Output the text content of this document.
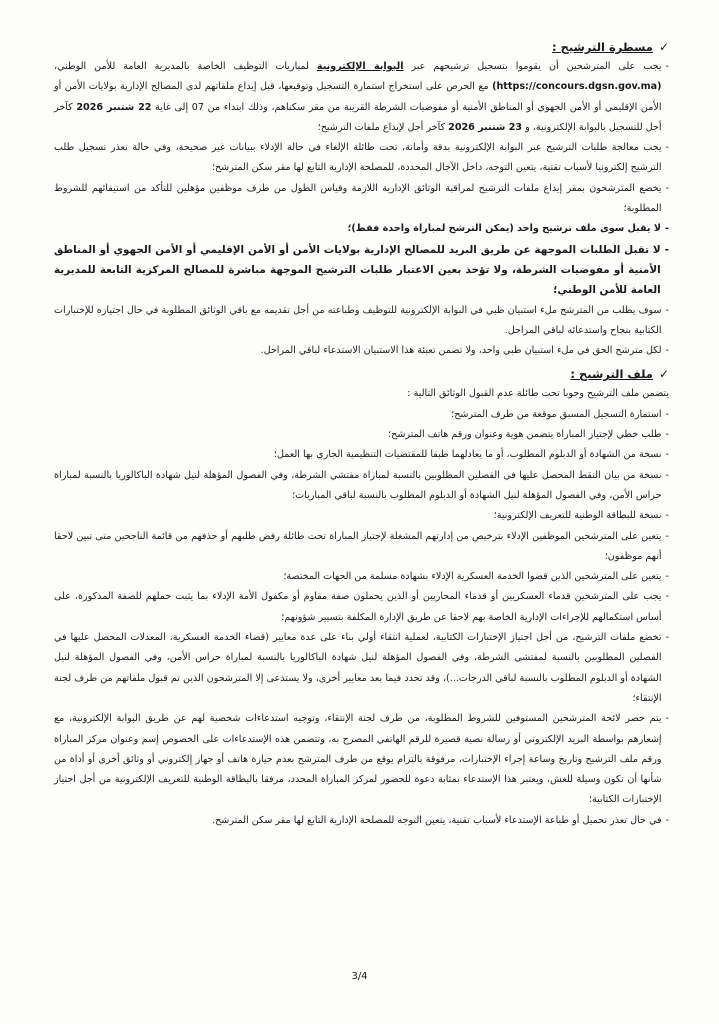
✓
مسطرة الترشيح :
-
يجب على المترشحين أن يقوموا بتسجيل ترشيحهم عبر البوابة الإلكترونية لمباريات التوظيف الخاصة بالمديرية العامة للأمن الوطني، (https://concours.dgsn.gov.ma) مع الحرص على استخراج استمارة التسجيل وتوقيعها، قبل إيداع ملفاتهم لدى المصالح الإدارية بولايات الأمن أو الأمن الإقليمي أو الأمن الجهوي أو المناطق الأمنية أو مفوضيات الشرطة القريبة من مقر سكناهم، وذلك ابتداء من 07 إلى غاية 22 شتنبر 2026 كآخر أجل للتسجيل بالبوابة الإلكترونية، و 23 شتنبر 2026 كآخر أجل لإيداع ملفات الترشيح؛
-
يجب معالجة طلبات الترشيح عبر البوابة الإلكترونية بدقة وأمانة، تحت طائلة الإلغاء في حالة الإدلاء ببيانات غير صحيحة، وفي حالة تعذر تسجيل طلب الترشيح إلكترونيا لأسباب تقنية، يتعين التوجه، داخل الآجال المحددة، للمصلحة الإدارية التابع لها مقر سكن المترشح؛
-
يخضع المترشحون بمقر إيداع ملفات الترشيح لمراقبة الوثائق الإدارية اللازمة وقياس الطول من طرف موظفين مؤهلين للتأكد من استيفائهم للشروط المطلوبة؛
-
لا يقبل سوى ملف ترشيح واحد (يمكن الترشح لمباراة واحدة فقط)؛
-
لا تقبل الطلبات الموجهة عن طريق البريد للمصالح الإدارية بولايات الأمن أو الأمن الإقليمي أو الأمن الجهوي أو المناطق الأمنية أو مفوضيات الشرطة، ولا تؤخذ بعين الاعتبار طلبات الترشيح الموجهة مباشرة للمصالح المركزية التابعة للمديرية العامة للأمن الوطني؛
-
سوف يطلب من المترشح ملء استبيان طبي في البوابة الإلكترونية للتوظيف وطباعته من أجل تقديمه مع باقي الوثائق المطلوبة في حال اجتيازه للإختبارات الكتابية بنجاح واستدعائه لباقي المراحل.
-
لكل مترشح الحق في ملء استبيان طبي واحد، ولا تضمن تعبئة هذا الاستبيان الاستدعاء لباقي المراحل.
✓
ملف الترشيح :

يتضمن ملف الترشيح وجوبا تحت طائلة عدم القبول الوثائق التالية :

-
استمارة التسجيل المسبق موقعة من طرف المترشح؛
-
طلب خطي لإجتياز المباراة يتضمن هوية وعنوان ورقم هاتف المترشح؛
-
نسخة من الشهادة أو الدبلوم المطلوب، أو ما يعادلهما طبقا للمقتضيات التنظيمية الجاري بها العمل؛
-
نسخة من بيان النقط المحصل عليها في الفصلين المطلوبين بالنسبة لمباراة مفتشي الشرطة، وفي الفصول المؤهلة لنيل شهادة الباكالوريا بالنسبة لمباراة حراس الأمن، وفي الفصول المؤهلة لنيل الشهادة أو الدبلوم المطلوب بالنسبة لباقي المباريات؛
-
نسخة للبطاقة الوطنية للتعريف الإلكترونية؛
-
يتعين على المترشحين الموظفين الإدلاء بترخيص من إدارتهم المشغلة لإجتياز المباراة تحت طائلة رفض طلبهم أو حذفهم من قائمة الناجحين متى تبين لاحقا أنهم موظفون؛
-
يتعين على المترشحين الذين قضوا الخدمة العسكرية الإدلاء بشهادة مسلمة من الجهات المختصة؛
-
يجب على المترشحين قدماء العسكريين أو قدماء المحاربين أو الذين يحملون صفة مقاوم أو مكفول الأمة الإدلاء بما يثبت حملهم للصفة المذكورة، على أساس استكمالهم للإجراءات الإدارية الخاصة بهم لاحقا عن طريق الإدارة المكلفة بتسيير شؤونهم؛
-
تخضع ملفات الترشيح، من أجل اجتياز الإختبارات الكتابية، لعملية انتقاء أولي بناء على عدة معايير (قضاء الخدمة العسكرية، المعدلات المحصل عليها في الفصلين المطلوبين بالنسبة لمفتشي الشرطة، وفي الفصول المؤهلة لنيل شهادة الباكالوريا بالنسبة لمباراة حراس الأمن، وفي الفصول المؤهلة لنيل الشهادة أو الدبلوم المطلوب بالنسبة لباقي الدرجات...)، وقد تحدد فيما بعد معايير أخرى، ولا يستدعى إلا المترشحون الذين تم قبول ملفاتهم من طرف لجنة الإنتقاء؛
-
يتم حصر لائحة المترشحين المستوفين للشروط المطلوبة، من طرف لجنة الإنتقاء، وتوجيه استدعاءات شخصية لهم عن طريق البوابة الإلكترونية، مع إشعارهم بواسطة البريد الإلكتروني أو رسالة نصية قصيرة للرقم الهاتفي المصرح به، وتتضمن هذه الإستدعاءات على الخصوص إسم وعنوان مركز المباراة ورقم ملف الترشيح وتاريخ وساعة إجراء الإختبارات، مرفوقة بالتزام يوقع من طرف المترشح بعدم حيازة هاتف أو جهاز إلكتروني أو وثائق أخرى أو أداة من شأنها أن تكون وسيلة للغش، ويعتبر هذا الإستدعاء بمثابة دعوة للحضور لمركز المباراة المحدد، مرفقا بالبطاقة الوطنية للتعريف الإلكترونية من أجل اجتياز الإختبارات الكتابية؛
-
في حال تعذر تحميل أو طباعة الإستدعاء لأسباب تقنية، يتعين التوجه للمصلحة الإدارية التابع لها مقر سكن المترشح.
3/4
